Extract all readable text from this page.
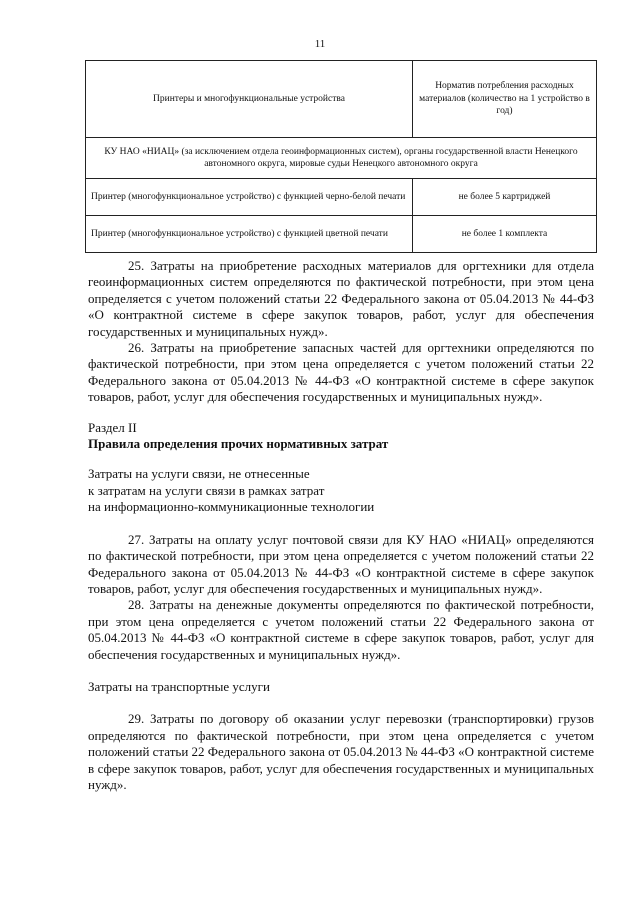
11
Принтеры и многофункциональные устройства	Норматив потребления расходных материалов (количество на 1 устройство в год)
КУ НАО «НИАЦ» (за исключением отдела геоинформационных систем), органы государственной власти Ненецкого автономного округа, мировые судьи Ненецкого автономного округа	
Принтер (многофункциональное устройство) с функцией черно-белой печати	не более 5 картриджей
Принтер (многофункциональное устройство) с функцией цветной печати	не более 1 комплекта

25. Затраты на приобретение расходных материалов для оргтехники для отдела геоинформационных систем определяются по фактической потребности, при этом цена определяется с учетом положений статьи 22 Федерального закона от 05.04.2013 № 44-ФЗ «О контрактной системе в сфере закупок товаров, работ, услуг для обеспечения государственных и муниципальных нужд».

26. Затраты на приобретение запасных частей для оргтехники определяются по фактической потребности, при этом цена определяется с учетом положений статьи 22 Федерального закона от 05.04.2013 № 44-ФЗ «О контрактной системе в сфере закупок товаров, работ, услуг для обеспечения государственных и муниципальных нужд».

Раздел II

Правила определения прочих нормативных затрат

Затраты на услуги связи, не отнесенные

к затратам на услуги связи в рамках затрат

на информационно-коммуникационные технологии

27. Затраты на оплату услуг почтовой связи для КУ НАО «НИАЦ» определяются по фактической потребности, при этом цена определяется с учетом положений статьи 22 Федерального закона от 05.04.2013 № 44-ФЗ «О контрактной системе в сфере закупок товаров, работ, услуг для обеспечения государственных и муниципальных нужд».

28. Затраты на денежные документы определяются по фактической потребности, при этом цена определяется с учетом положений статьи 22 Федерального закона от 05.04.2013 № 44-ФЗ «О контрактной системе в сфере закупок товаров, работ, услуг для обеспечения государственных и муниципальных нужд».

Затраты на транспортные услуги

29. Затраты по договору об оказании услуг перевозки (транспортировки) грузов определяются по фактической потребности, при этом цена определяется с учетом положений статьи 22 Федерального закона от 05.04.2013 № 44-ФЗ «О контрактной системе в сфере закупок товаров, работ, услуг для обеспечения государственных и муниципальных нужд».
